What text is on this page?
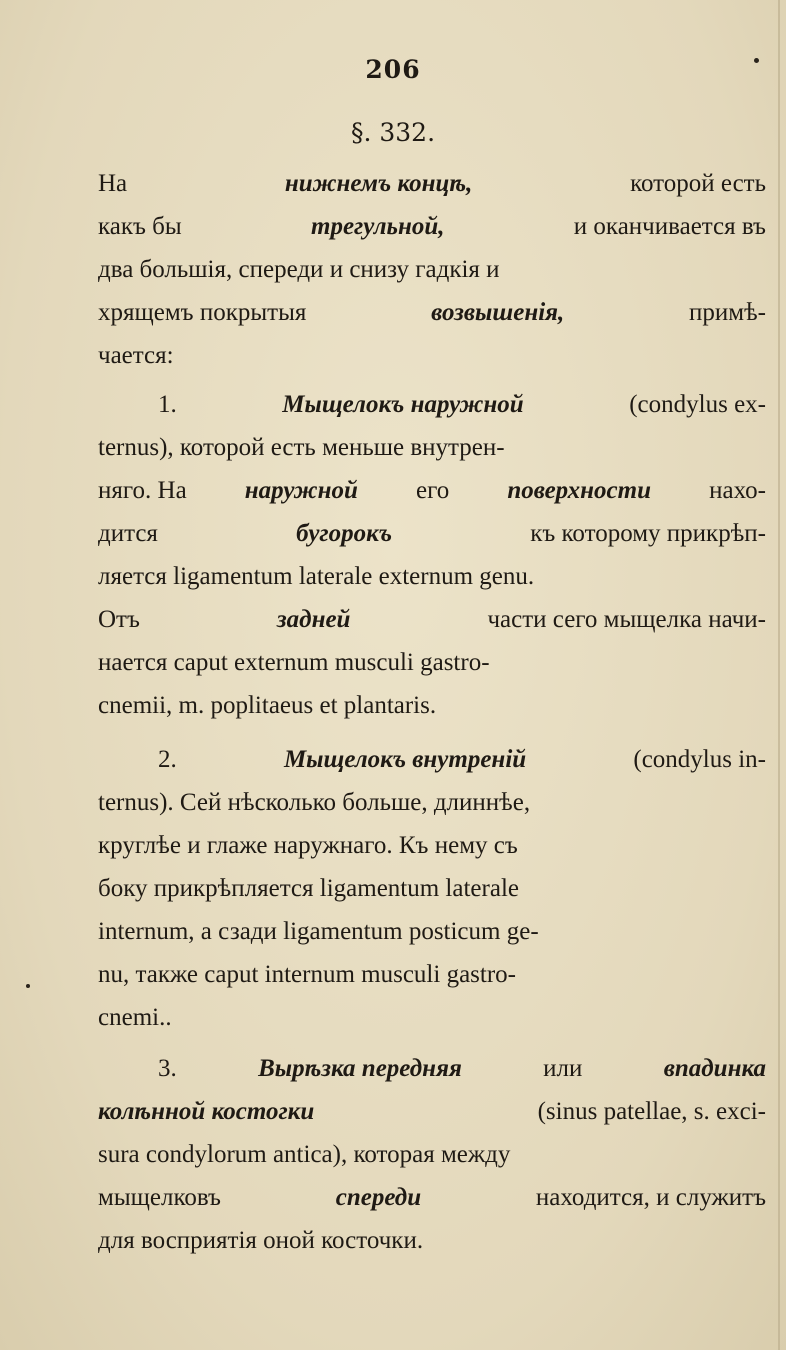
206
§. 332.
На	нижнемъ концѣ,	которой есть
какъ бы	трегульной,	и оканчивается въ
два большія, спереди и снизу гадкія и
хрящемъ покрытыя	возвышенія,	примѣ-
чается:
1.	Мыщелокъ наружной	(condylus ex-
ternus), которой есть меньше внутрен-
няго. На наружной его поверхности нахо-
дится	бугорокъ	къ которому прикрѣп-
ляется ligamentum laterale externum genu.
Отъ	задней	части сего мыщелка начи-
нается caput externum musculi gastro-
cnemii, m. poplitaeus et plantaris.
2.	Мыщелокъ внутреній	(condylus in-
ternus). Сей нѣсколько больше, длиннѣе,
круглѣе и глаже наружнаго. Къ нему съ
боку прикрѣпляется ligamentum laterale
internum, а сзади ligamentum posticum ge-
nu, также caput internum musculi gastro-
cnemi..
3.	Вырѣзка передняя	или	впадинка
колѣнной костогки	(sinus patellae, s. exci-
sura condylorum antica), которая между
мыщелковъ	спереди	находится, и служитъ
для восприятія оной косточки.
